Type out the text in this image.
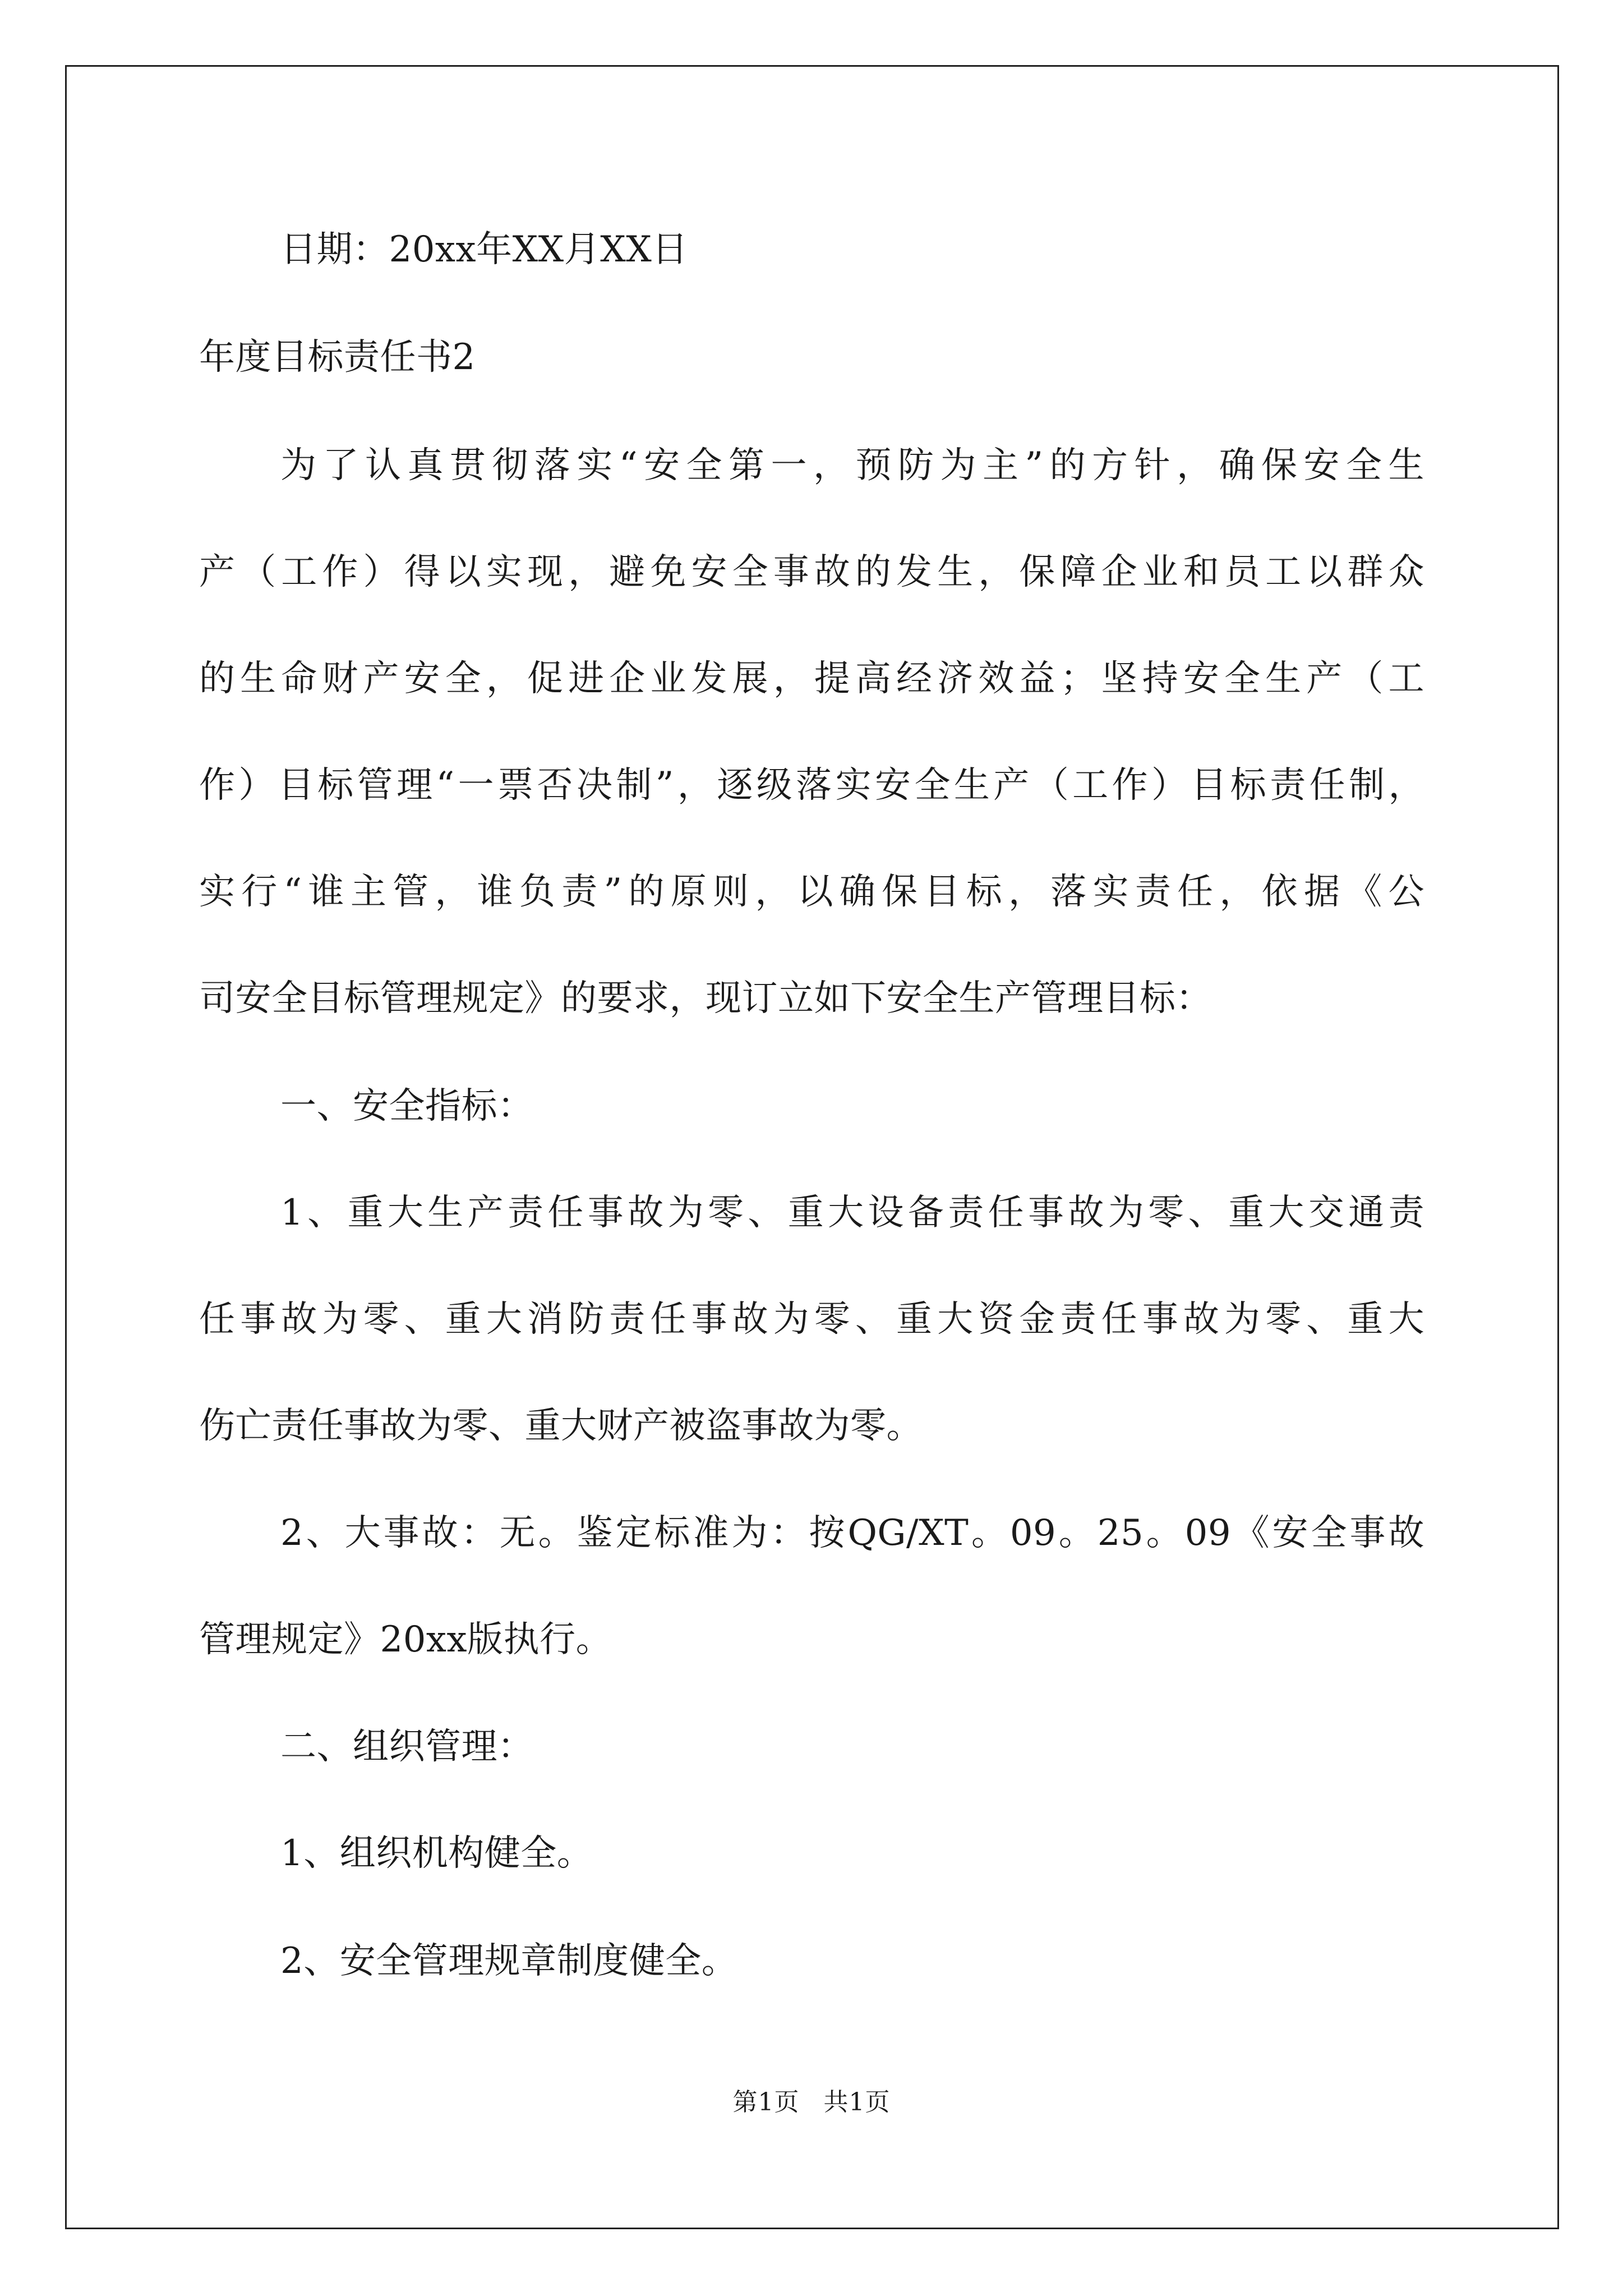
日期：20xx年XX月XX日
年度目标责任书2
为了认真贯彻落实“安全第一，预防为主”的方针，确保安全生
产（工作）得以实现，避免安全事故的发生，保障企业和员工以群众
的生命财产安全，促进企业发展，提高经济效益；坚持安全生产（工
作）目标管理“一票否决制”，逐级落实安全生产（工作）目标责任制，
实行“谁主管，谁负责”的原则，以确保目标，落实责任，依据《公
司安全目标管理规定》的要求，现订立如下安全生产管理目标：
一、安全指标：
1、重大生产责任事故为零、重大设备责任事故为零、重大交通责
任事故为零、重大消防责任事故为零、重大资金责任事故为零、重大
伤亡责任事故为零、重大财产被盗事故为零。
2、大事故：无。鉴定标准为：按QG/XT。09。25。09《安全事故
管理规定》20xx版执行。
二、组织管理：
1、组织机构健全。
2、安全管理规章制度健全。
第1页 共1页
